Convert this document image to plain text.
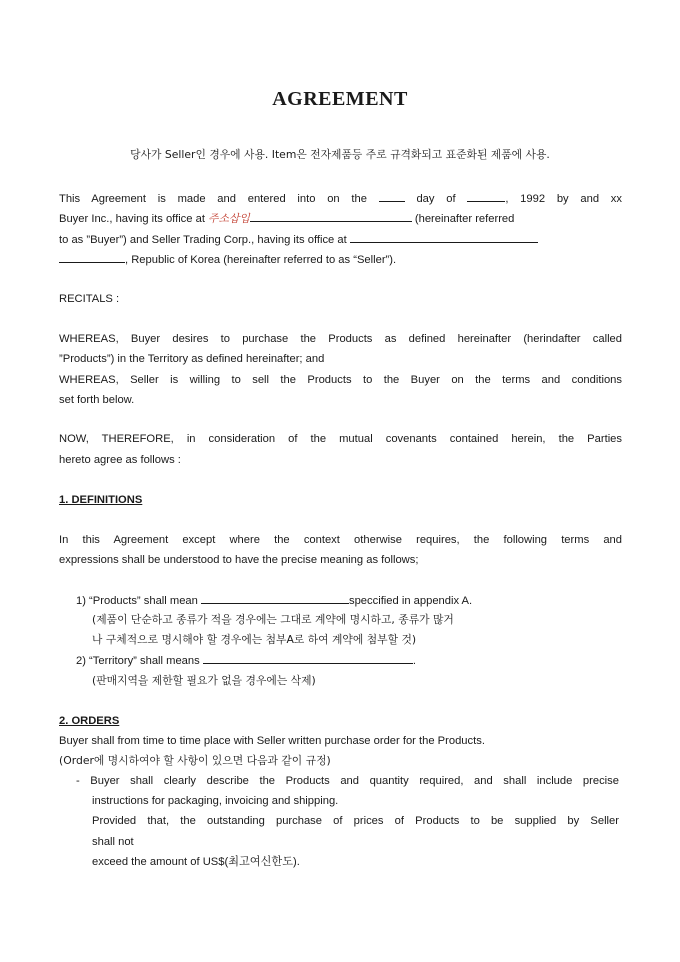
AGREEMENT
당사가 Seller인 경우에 사용. Item은 전자제품등 주로 규격화되고 표준화된 제품에 사용.
This Agreement is made and entered into on the	day of	, 1992 by and xx
Buyer Inc., having its office at 주소삽입	(hereinafter referred
to as ”Buyer”) and Seller Trading Corp., having its office at
, Republic of Korea (hereinafter referred to as “Seller”).
RECITALS :
WHEREAS, Buyer desires to purchase the Products as defined hereinafter (herindafter called
”Products”) in the Territory as defined hereinafter; and
WHEREAS, Seller is willing to sell the Products to the Buyer on the terms and conditions
set forth below.
NOW, THEREFORE, in consideration of the mutual covenants contained herein, the Parties
hereto agree as follows :
1. DEFINITIONS
In this Agreement except where the context otherwise requires, the following terms and
expressions shall be understood to have the precise meaning as follows;
1) “Products” shall mean	speccified in appendix A.
(제품이 단순하고 종류가 적을 경우에는 그대로 계약에 명시하고, 종류가 많거
나 구체적으로 명시해야 할 경우에는 첨부A로 하여 계약에 첨부할 것)
2) “Territory” shall means	.
(판매지역을 제한할 필요가 없을 경우에는 삭제)
2. ORDERS
Buyer shall from time to time place with Seller written purchase order for the Products.
(Order에 명시하여야 할 사항이 있으면 다음과 같이 규정)
- Buyer shall clearly describe the Products and quantity required, and shall include precise
instructions for packaging, invoicing and shipping.
Provided that, the outstanding purchase of prices of Products to be supplied by Seller
shall not
exceed the amount of US$(최고여신한도).
